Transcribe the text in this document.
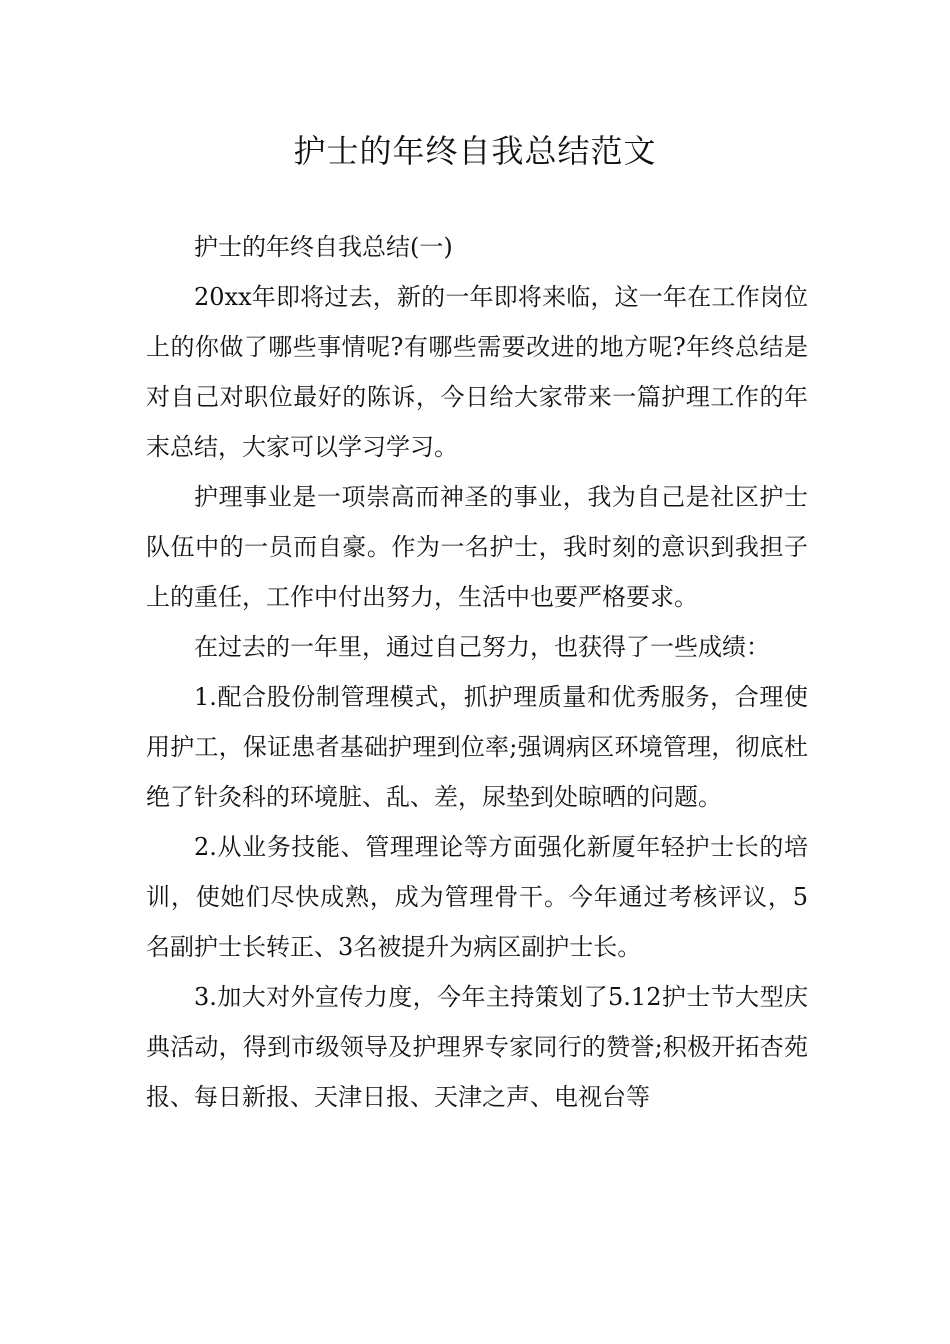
护士的年终自我总结范文

护士的年终自我总结(一)

20xx年即将过去，新的一年即将来临，这一年在工作岗位上的你做了哪些事情呢?有哪些需要改进的地方呢?年终总结是对自己对职位最好的陈诉，今日给大家带来一篇护理工作的年末总结，大家可以学习学习。

护理事业是一项崇高而神圣的事业，我为自己是社区护士队伍中的一员而自豪。作为一名护士，我时刻的意识到我担子上的重任，工作中付出努力，生活中也要严格要求。

在过去的一年里，通过自己努力，也获得了一些成绩：

1.配合股份制管理模式，抓护理质量和优秀服务，合理使用护工，保证患者基础护理到位率;强调病区环境管理，彻底杜绝了针灸科的环境脏、乱、差，尿垫到处晾晒的问题。

2.从业务技能、管理理论等方面强化新厦年轻护士长的培训，使她们尽快成熟，成为管理骨干。今年通过考核评议，5名副护士长转正、3名被提升为病区副护士长。

3.加大对外宣传力度，今年主持策划了5.12护士节大型庆典活动，得到市级领导及护理界专家同行的赞誉;积极开拓杏苑报、每日新报、天津日报、天津之声、电视台等
